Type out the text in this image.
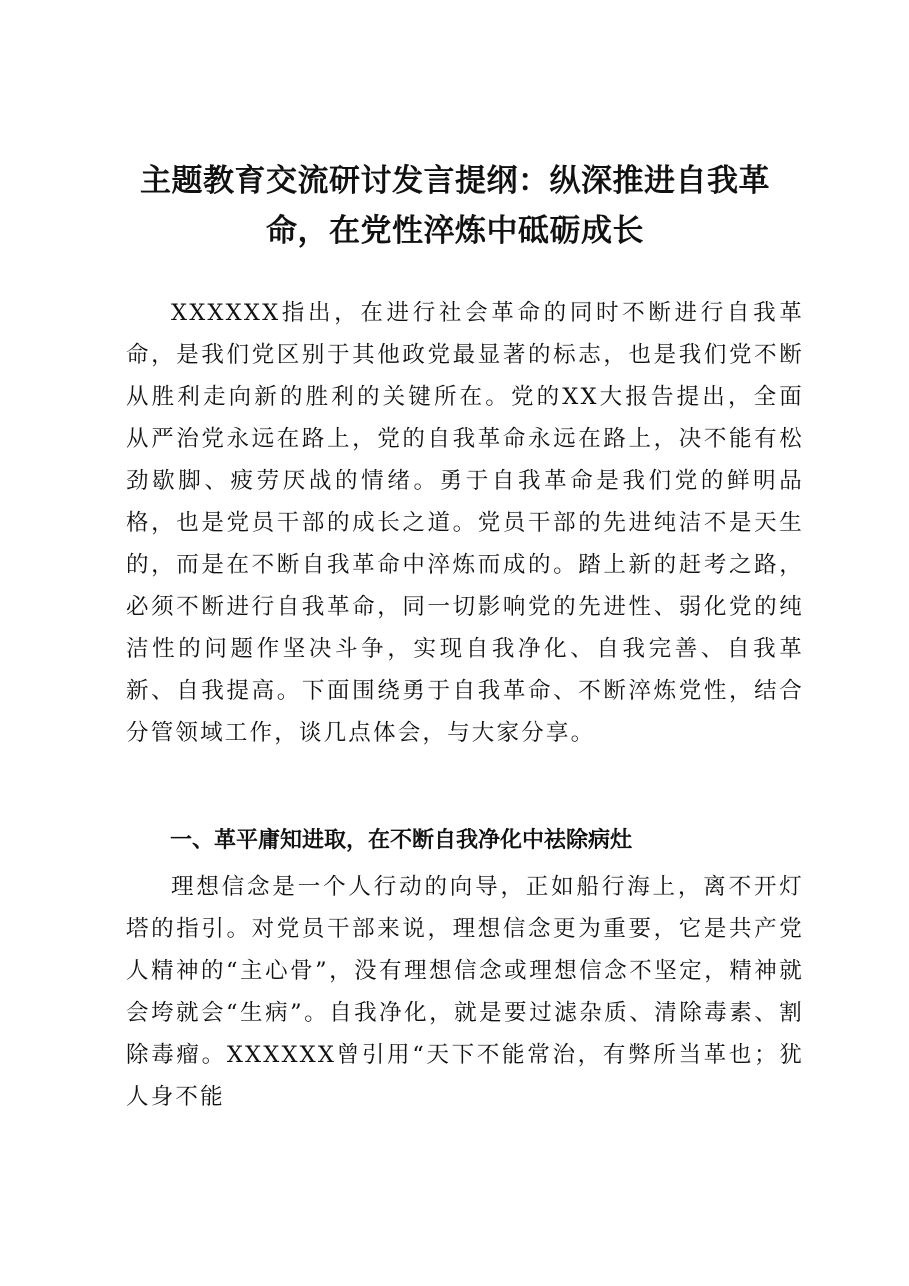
主题教育交流研讨发言提纲：纵深推进自我革命，在党性淬炼中砥砺成长

XXXXXX指出，在进行社会革命的同时不断进行自我革命，是我们党区别于其他政党最显著的标志，也是我们党不断从胜利走向新的胜利的关键所在。党的XX大报告提出，全面从严治党永远在路上，党的自我革命永远在路上，决不能有松劲歇脚、疲劳厌战的情绪。勇于自我革命是我们党的鲜明品格，也是党员干部的成长之道。党员干部的先进纯洁不是天生的，而是在不断自我革命中淬炼而成的。踏上新的赶考之路，必须不断进行自我革命，同一切影响党的先进性、弱化党的纯洁性的问题作坚决斗争，实现自我净化、自我完善、自我革新、自我提高。下面围绕勇于自我革命、不断淬炼党性，结合分管领域工作，谈几点体会，与大家分享。

一、革平庸知进取，在不断自我净化中祛除病灶

理想信念是一个人行动的向导，正如船行海上，离不开灯塔的指引。对党员干部来说，理想信念更为重要，它是共产党人精神的“主心骨”，没有理想信念或理想信念不坚定，精神就会垮就会“生病”。自我净化，就是要过滤杂质、清除毒素、割除毒瘤。XXXXXX曾引用“天下不能常治，有弊所当革也；犹人身不能
